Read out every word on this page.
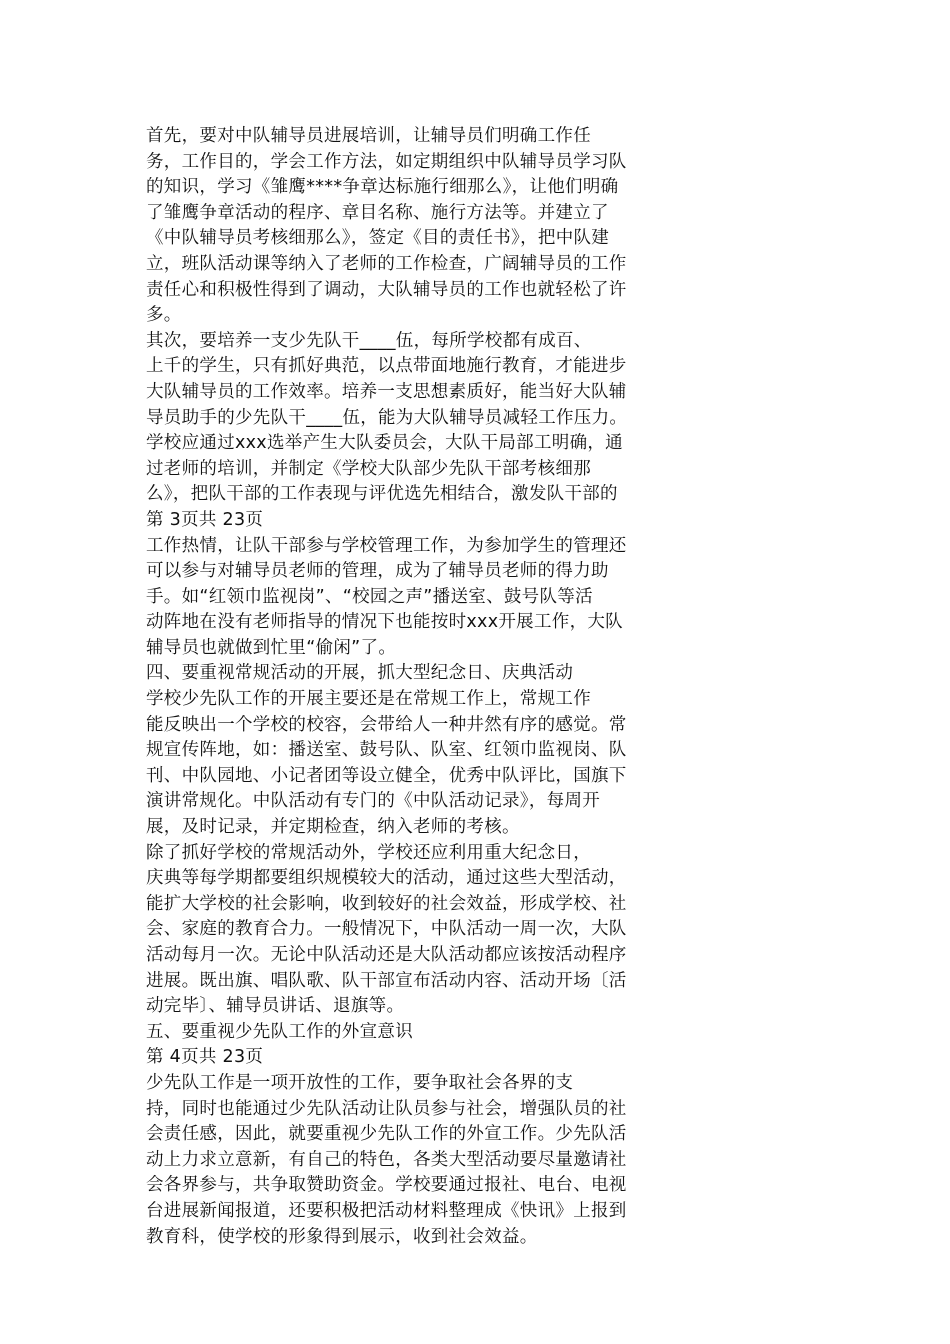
首先，要对中队辅导员进展培训，让辅导员们明确工作任
务，工作目的，学会工作方法，如定期组织中队辅导员学习队
的知识，学习《雏鹰****争章达标施行细那么》，让他们明确
了雏鹰争章活动的程序、章目名称、施行方法等。并建立了
《中队辅导员考核细那么》，签定《目的责任书》，把中队建
立，班队活动课等纳入了老师的工作检查，广阔辅导员的工作
责任心和积极性得到了调动，大队辅导员的工作也就轻松了许
多。
其次，要培养一支少先队干____伍，每所学校都有成百、
上千的学生，只有抓好典范，以点带面地施行教育，才能进步
大队辅导员的工作效率。培养一支思想素质好，能当好大队辅
导员助手的少先队干____伍，能为大队辅导员减轻工作压力。
学校应通过xxx选举产生大队委员会，大队干局部工明确，通
过老师的培训，并制定《学校大队部少先队干部考核细那
么》，把队干部的工作表现与评优选先相结合，激发队干部的
第 3页共 23页
工作热情，让队干部参与学校管理工作，为参加学生的管理还
可以参与对辅导员老师的管理，成为了辅导员老师的得力助
手。如“红领巾监视岗”、“校园之声”播送室、鼓号队等活
动阵地在没有老师指导的情况下也能按时xxx开展工作，大队
辅导员也就做到忙里“偷闲”了。
四、要重视常规活动的开展，抓大型纪念日、庆典活动
学校少先队工作的开展主要还是在常规工作上，常规工作
能反映出一个学校的校容，会带给人一种井然有序的感觉。常
规宣传阵地，如：播送室、鼓号队、队室、红领巾监视岗、队
刊、中队园地、小记者团等设立健全，优秀中队评比，国旗下
演讲常规化。中队活动有专门的《中队活动记录》，每周开
展，及时记录，并定期检查，纳入老师的考核。
除了抓好学校的常规活动外，学校还应利用重大纪念日，
庆典等每学期都要组织规模较大的活动，通过这些大型活动，
能扩大学校的社会影响，收到较好的社会效益，形成学校、社
会、家庭的教育合力。一般情况下，中队活动一周一次，大队
活动每月一次。无论中队活动还是大队活动都应该按活动程序
进展。既出旗、唱队歌、队干部宣布活动内容、活动开场〔活
动完毕〕、辅导员讲话、退旗等。
五、要重视少先队工作的外宣意识
第 4页共 23页
少先队工作是一项开放性的工作，要争取社会各界的支
持，同时也能通过少先队活动让队员参与社会，增强队员的社
会责任感，因此，就要重视少先队工作的外宣工作。少先队活
动上力求立意新，有自己的特色，各类大型活动要尽量邀请社
会各界参与，共争取赞助资金。学校要通过报社、电台、电视
台进展新闻报道，还要积极把活动材料整理成《快讯》上报到
教育科，使学校的形象得到展示，收到社会效益。
